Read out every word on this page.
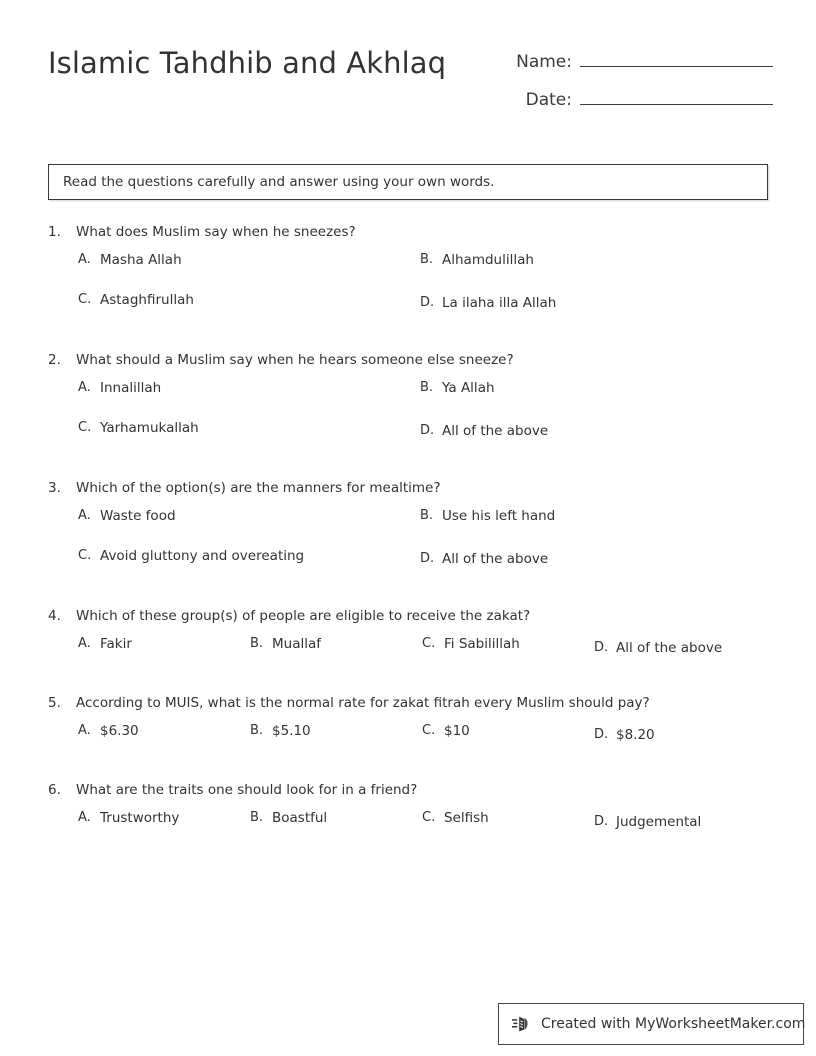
Islamic Tahdhib and Akhlaq	Name:
Date:
Read the questions carefully and answer using your own words.
1.	What does Muslim say when he sneezes?
A. Masha Allah	B. Alhamdulillah
C. Astaghfirullah	D. La ilaha illa Allah
2.	What should a Muslim say when he hears someone else sneeze?
A. Innalillah	B. Ya Allah
C. Yarhamukallah	D. All of the above
3.	Which of the option(s) are the manners for mealtime?
A. Waste food	B. Use his left hand
C. Avoid gluttony and overeating	D. All of the above
4.	Which of these group(s) of people are eligible to receive the zakat?
A. Fakir	B. Muallaf	C. Fi Sabilillah	D. All of the above
5.	According to MUIS, what is the normal rate for zakat fitrah every Muslim should pay?
A. $6.30	B. $5.10	C. $10	D. $8.20
6.	What are the traits one should look for in a friend?
A. Trustworthy	B. Boastful	C. Selfish	D. Judgemental
Created with MyWorksheetMaker.com
